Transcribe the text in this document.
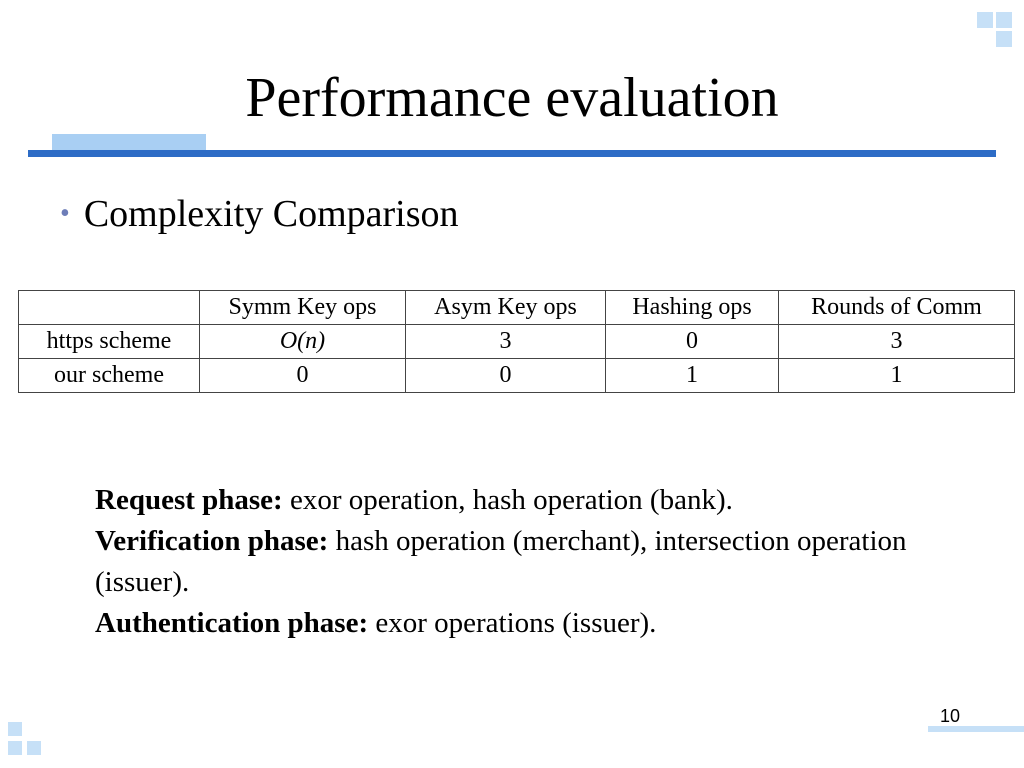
Performance evaluation
• Complexity Comparison
	Symm Key ops	Asym Key ops	Hashing ops	Rounds of Comm
https scheme	O(n)	3	0	3
our scheme	0	0	1	1

Request phase: exor operation, hash operation (bank).

Verification phase: hash operation (merchant), intersection operation (issuer).

Authentication phase: exor operations (issuer).

10
